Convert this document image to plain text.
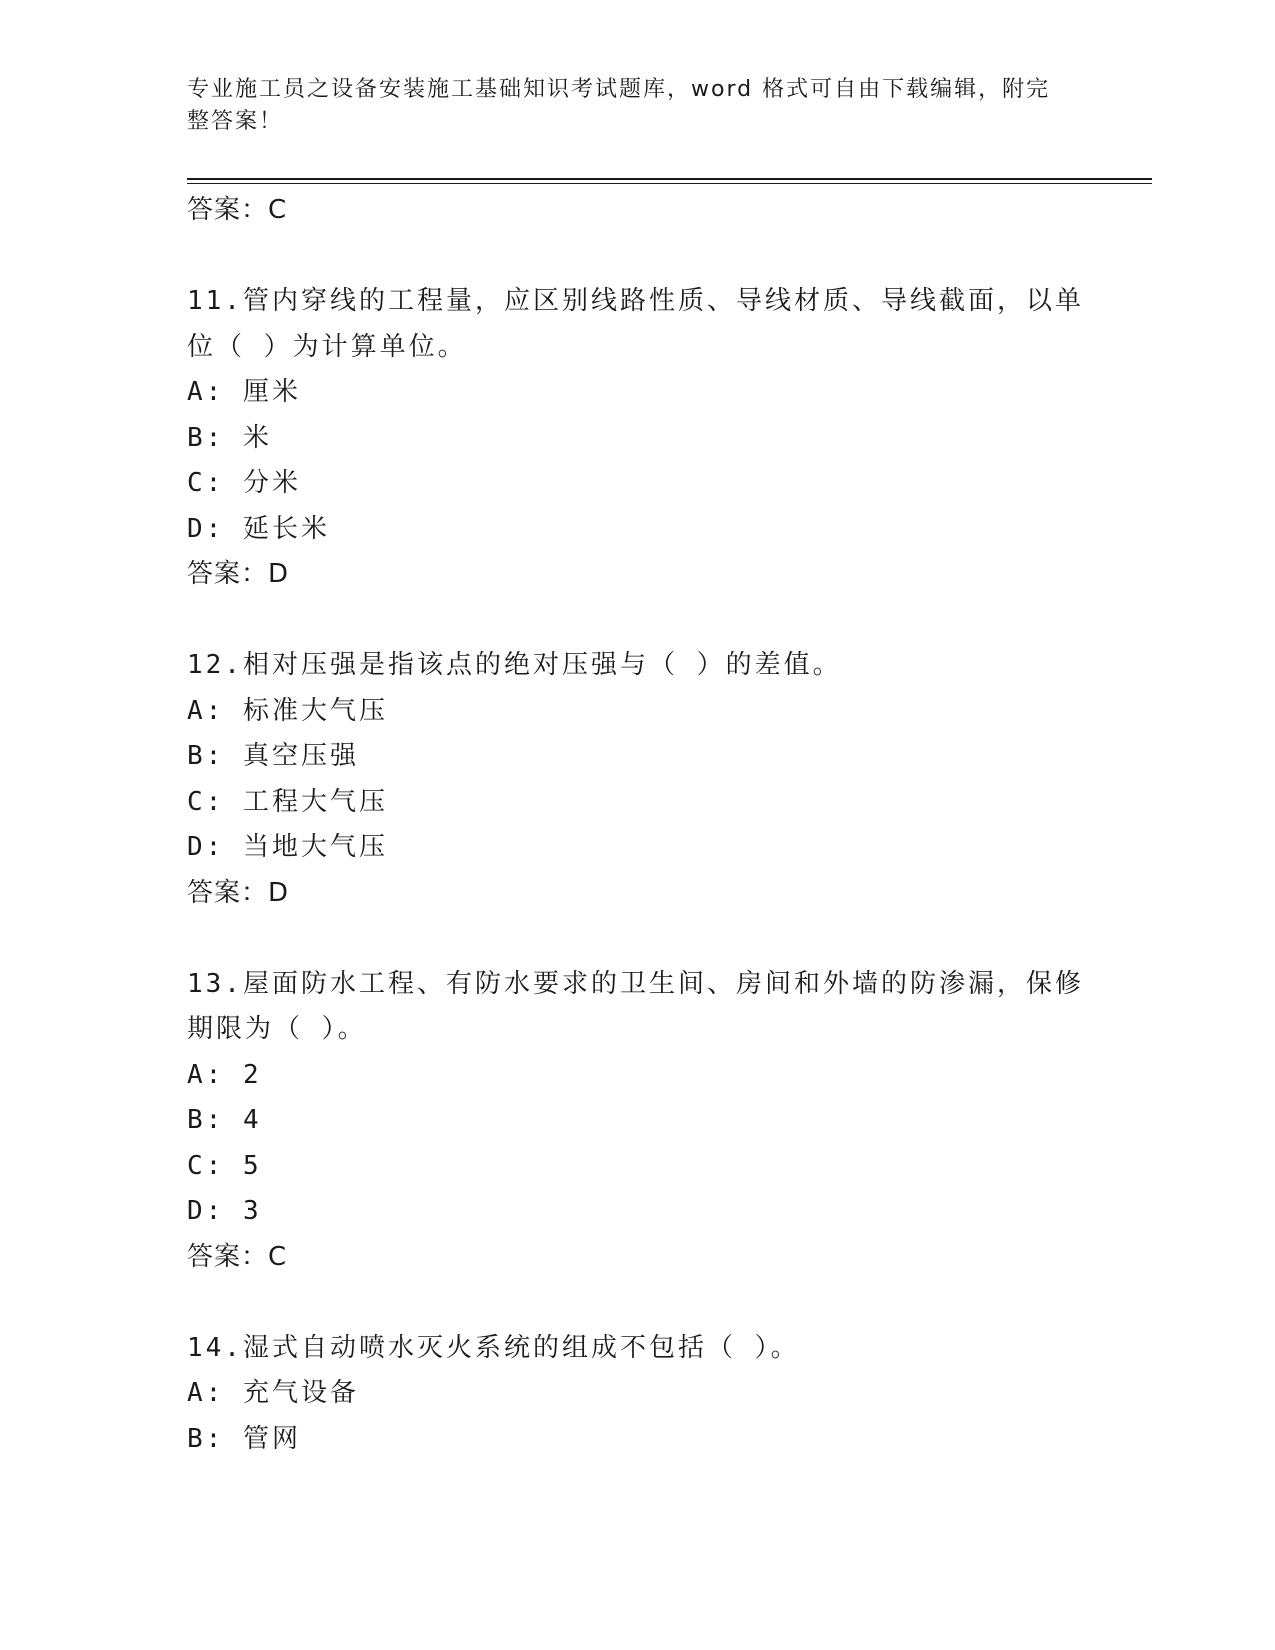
专业施工员之设备安装施工基础知识考试题库，word 格式可自由下载编辑，附完
整答案！
答案：C
11.管内穿线的工程量，应区别线路性质、导线材质、导线截面，以单
位（ ）为计算单位。
A: 厘米
B: 米
C: 分米
D: 延长米
答案：D
12.相对压强是指该点的绝对压强与（ ）的差值。
A: 标准大气压
B: 真空压强
C: 工程大气压
D: 当地大气压
答案：D
13.屋面防水工程、有防水要求的卫生间、房间和外墙的防渗漏，保修
期限为（ ）。
A: 2
B: 4
C: 5
D: 3
答案：C
14.湿式自动喷水灭火系统的组成不包括（ ）。
A: 充气设备
B: 管网
